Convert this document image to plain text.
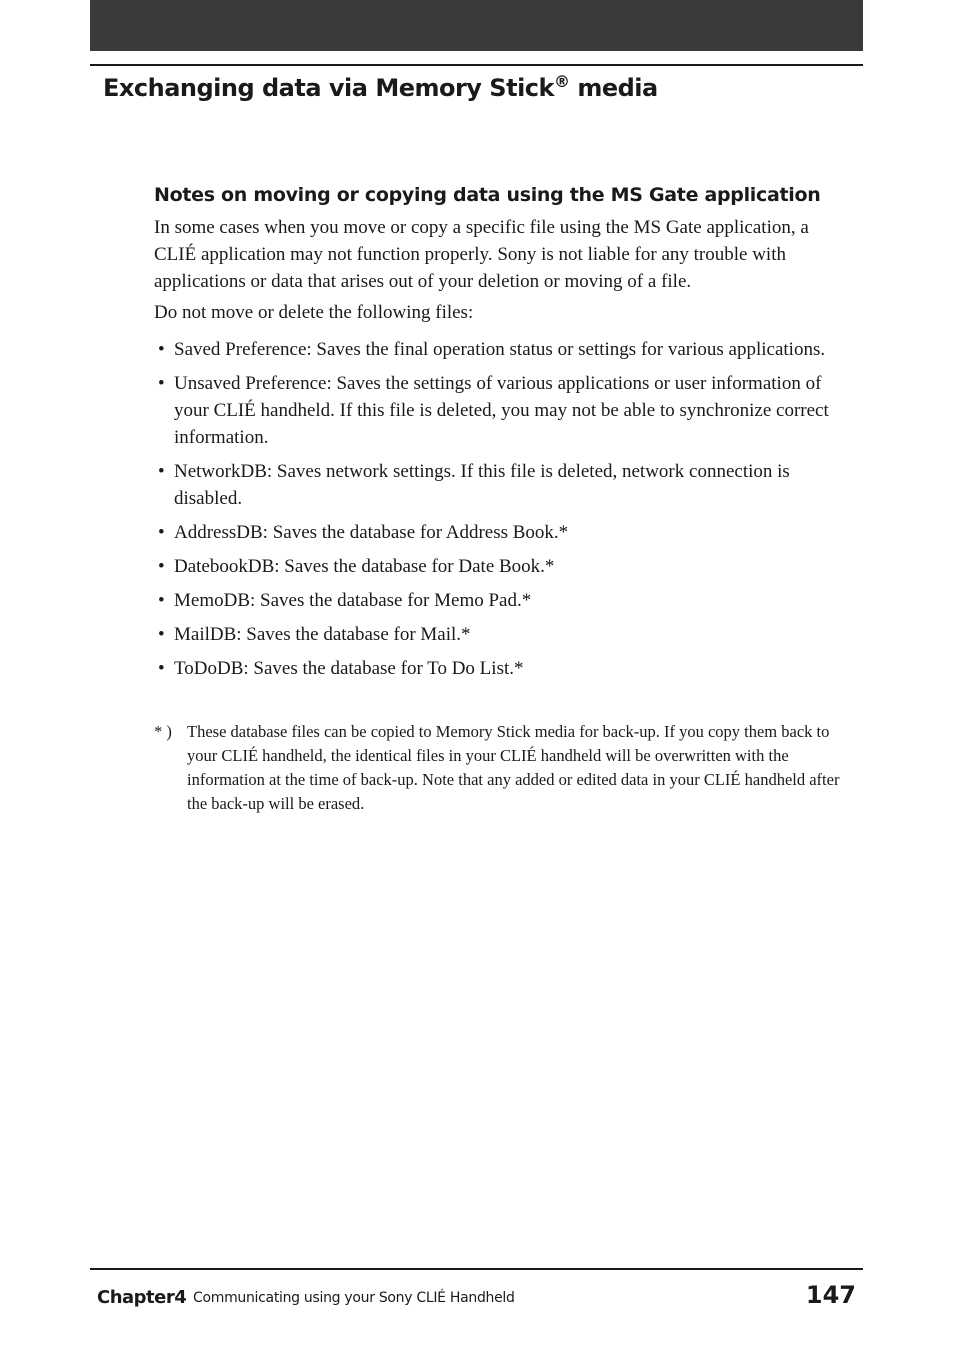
Exchanging data via Memory Stick® media
Notes on moving or copying data using the MS Gate application

In some cases when you move or copy a specific file using the MS Gate application, a CLIÉ application may not function properly. Sony is not liable for any trouble with applications or data that arises out of your deletion or moving of a file.

Do not move or delete the following files:

• Saved Preference: Saves the final operation status or settings for various applications.
• Unsaved Preference: Saves the settings of various applications or user information of your CLIÉ handheld. If this file is deleted, you may not be able to synchronize correct information.
• NetworkDB: Saves network settings. If this file is deleted, network connection is disabled.
• AddressDB: Saves the database for Address Book.*
• DatebookDB: Saves the database for Date Book.*
• MemoDB: Saves the database for Memo Pad.*
• MailDB: Saves the database for Mail.*
• ToDoDB: Saves the database for To Do List.*
* ) These database files can be copied to Memory Stick media for back-up. If you copy them back to your CLIÉ handheld, the identical files in your CLIÉ handheld will be overwritten with the information at the time of back-up. Note that any added or edited data in your CLIÉ handheld after the back-up will be erased.
Chapter4 Communicating using your Sony CLIÉ Handheld	147
